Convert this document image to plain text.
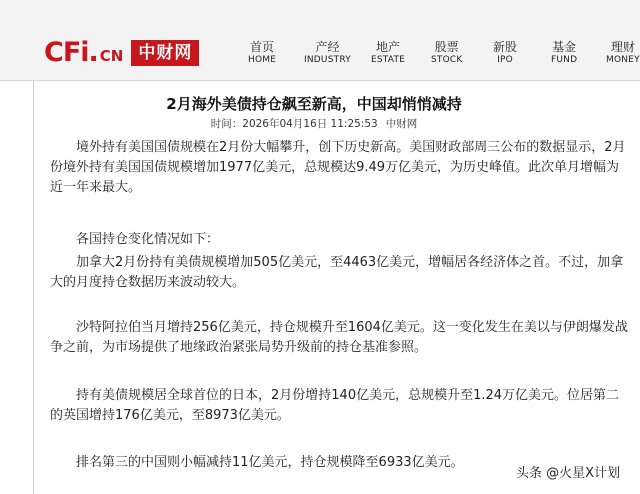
CFi . CN 中财网	首页
HOME
产经
INDUSTRY
地产
ESTATE
股票
STOCK
新股
IPO
基金
FUND
理财
MONEY
2月海外美债持仓飙至新高，中国却悄悄减持
时间：2026年04月16日 11:25:53 中财网

　　境外持有美国国债规模在2月份大幅攀升，创下历史新高。美国财政部周三公布的数据显示，2月份境外持有美国国债规模增加1977亿美元，总规模达9.49万亿美元，为历史峰值。此次单月增幅为近一年来最大。

　　各国持仓变化情况如下：

　　加拿大2月份持有美债规模增加505亿美元，至4463亿美元，增幅居各经济体之首。不过，加拿大的月度持仓数据历来波动较大。

　　沙特阿拉伯当月增持256亿美元，持仓规模升至1604亿美元。这一变化发生在美以与伊朗爆发战争之前，为市场提供了地缘政治紧张局势升级前的持仓基准参照。

　　持有美债规模居全球首位的日本，2月份增持140亿美元，总规模升至1.24万亿美元。位居第二的英国增持176亿美元，至8973亿美元。

　　排名第三的中国则小幅减持11亿美元，持仓规模降至6933亿美元。

头条 @火星X计划
